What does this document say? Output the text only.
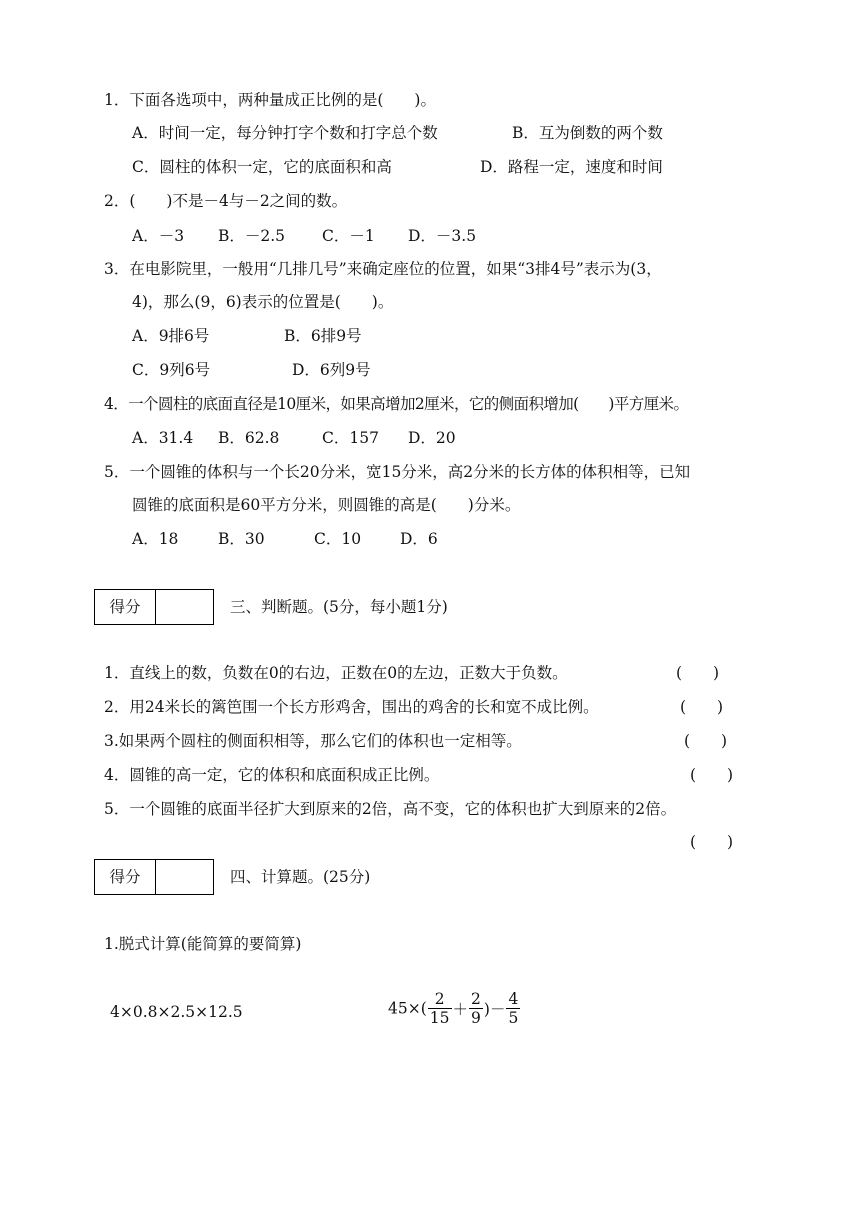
1．下面各选项中，两种量成正比例的是(　　)。
A．时间一定，每分钟打字个数和打字总个数	B．互为倒数的两个数
C．圆柱的体积一定，它的底面积和高	D．路程一定，速度和时间
2．(　　)不是－4与－2之间的数。
A．－3 B．－2.5 C．－1 D．－3.5
3．在电影院里，一般用“几排几号”来确定座位的位置，如果“3排4号”表示为(3，
4)，那么(9，6)表示的位置是(　　)。
A．9排6号	B．6排9号
C．9列6号	D．6列9号
4．一个圆柱的底面直径是10厘米，如果高增加2厘米，它的侧面积增加(　　)平方厘米。
A．31.4 B．62.8	C．157 D．20
5．一个圆锥的体积与一个长20分米，宽15分米，高2分米的长方体的体积相等，已知
圆锥的底面积是60平方分米，则圆锥的高是(　　)分米。
A．18	B．30	C．10	D．6
得分	三、判断题。(5分，每小题1分)
1．直线上的数，负数在0的右边，正数在0的左边，正数大于负数。	(　　)
2．用24米长的篱笆围一个长方形鸡舍，围出的鸡舍的长和宽不成比例。	(　　)
3.如果两个圆柱的侧面积相等，那么它们的体积也一定相等。	(　　)
4．圆锥的高一定，它的体积和底面积成正比例。	(　　)
5．一个圆锥的底面半径扩大到原来的2倍，高不变，它的体积也扩大到原来的2倍。
(　　)
得分	四、计算题。(25分)
1.脱式计算(能简算的要简算)
4×0.8×2.5×12.5	$45\times( \frac{2}{15} + \frac{2}{9}$ )－ $\frac{4}{5}$
